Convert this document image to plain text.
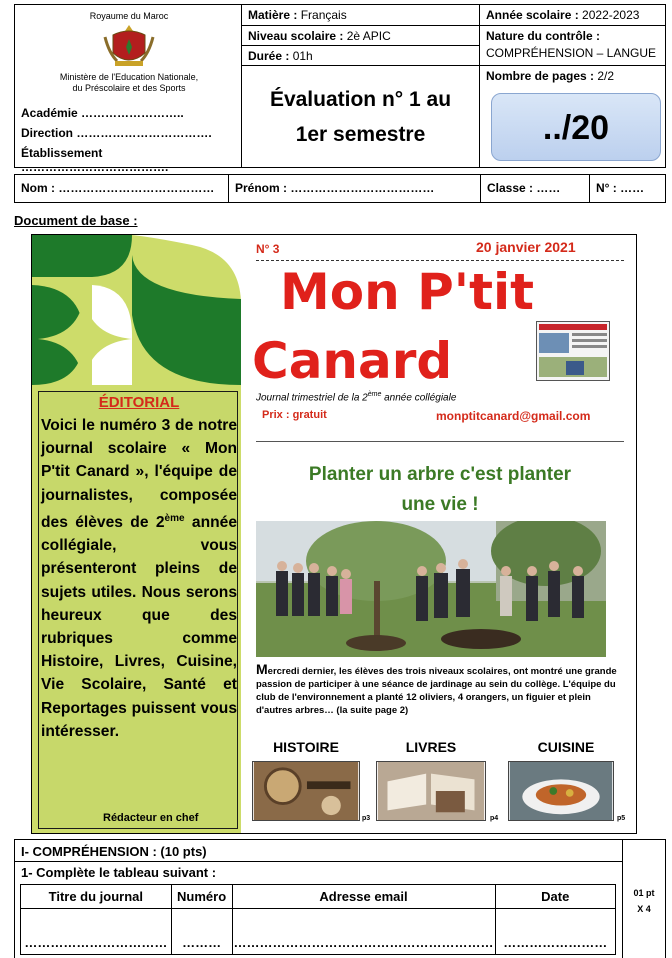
Royaume du Maroc
Ministère de l'Education Nationale,
du Préscolaire et des Sports
Académie ……………………..
Direction …………………………….
Établissement ……………………………….
Matière : Français
Niveau scolaire : 2è APIC
Durée : 01h
Évaluation n° 1 au
1er semestre
Année scolaire : 2022-2023
Nature du contrôle :
COMPRÉHENSION – LANGUE
Nombre de pages : 2/2
../20
Nom : …………………………………	Prénom : ………………………………	Classe : ……	N° : ……
Document de base :
ÉDITORIAL
Voici le numéro 3 de notre journal scolaire « Mon P'tit Canard », l'équipe de journalistes, composée des élèves de 2ème année collégiale, vous présenteront pleins de sujets utiles. Nous serons heureux que des rubriques comme Histoire, Livres, Cuisine, Vie Scolaire, Santé et Reportages puissent vous intéresser.
Rédacteur en chef
N° 3	20 janvier 2021
Mon P'tit
Canard
Journal trimestriel de la 2ème année collégiale
Prix : gratuit	monptitcanard@gmail.com
Planter un arbre c'est planter
une vie !
Mercredi dernier, les élèves des trois niveaux scolaires, ont montré une grande passion de participer à une séance de jardinage au sein du collège. L'équipe du club de l'environnement a planté 12 oliviers, 4 orangers, un figuier et plein d'autres arbres… (la suite page 2)
HISTOIRE	LIVRES	CUISINE
p3	p4	p5
I- COMPRÉHENSION : (10 pts)
1- Complète le tableau suivant :
01 pt
X 4
Titre du journal	Numéro	Adresse email	Date
……………………………	………	……………………………………………………	……………………
